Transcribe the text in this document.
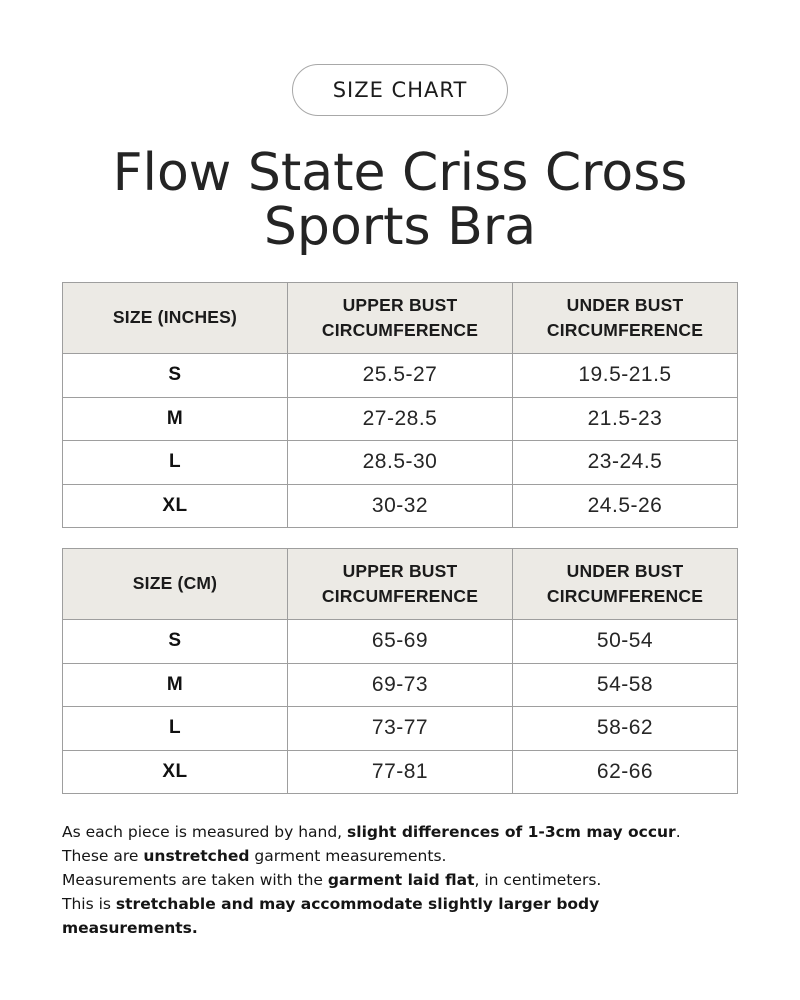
SIZE CHART
Flow State Criss Cross Sports Bra
SIZE (INCHES)	UPPER BUST CIRCUMFERENCE	UNDER BUST CIRCUMFERENCE
S	25.5-27	19.5-21.5
M	27-28.5	21.5-23
L	28.5-30	23-24.5
XL	30-32	24.5-26
SIZE (CM)	UPPER BUST CIRCUMFERENCE	UNDER BUST CIRCUMFERENCE
S	65-69	50-54
M	69-73	54-58
L	73-77	58-62
XL	77-81	62-66

As each piece is measured by hand, slight differences of 1-3cm may occur.

These are unstretched garment measurements.

Measurements are taken with the garment laid flat, in centimeters.

This is stretchable and may accommodate slightly larger body measurements.
